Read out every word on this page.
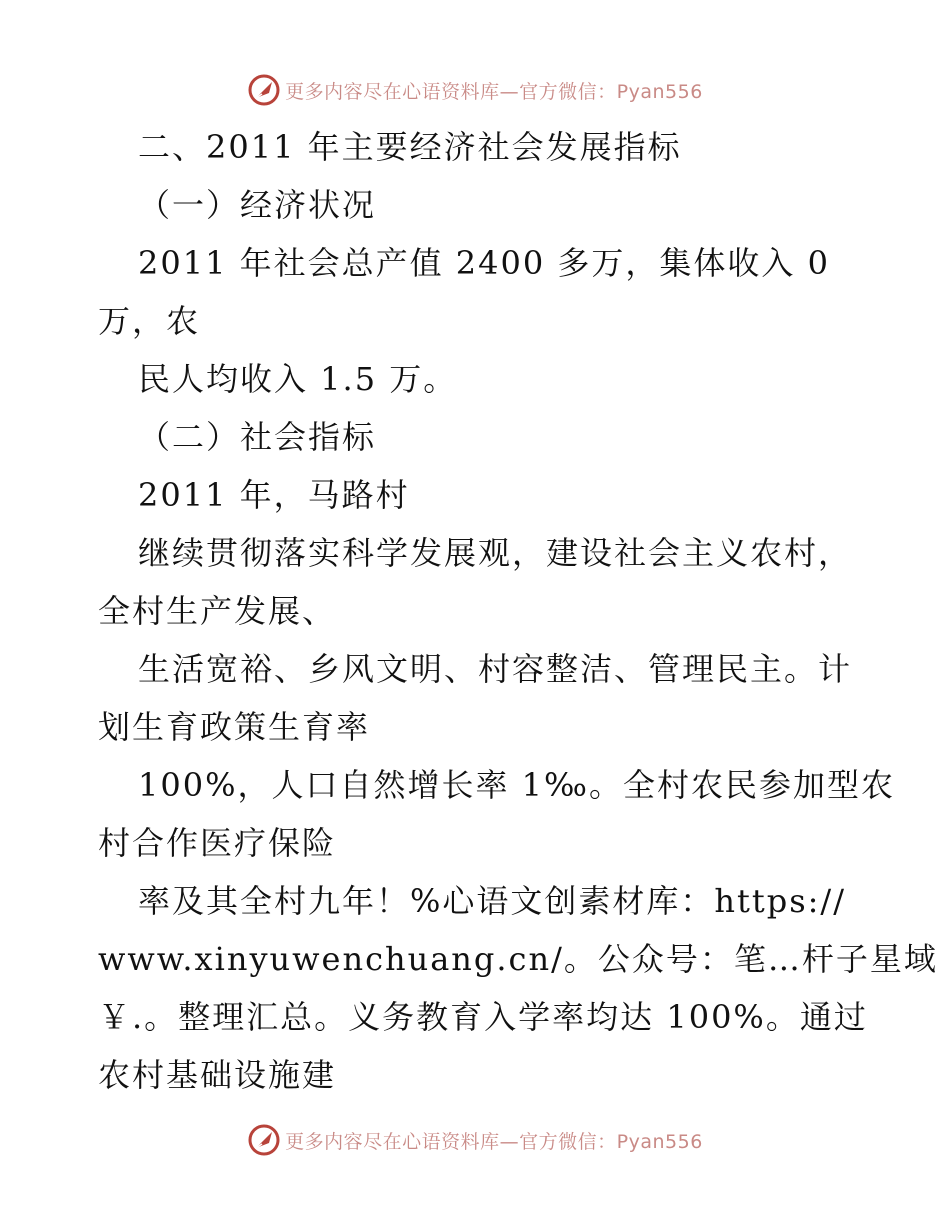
更多内容尽在心语资料库—官方微信：Pyan556
二、2011 年主要经济社会发展指标
（一）经济状况
2011 年社会总产值 2400 多万，集体收入 0
万，农
民人均收入 1.5 万。
（二）社会指标
2011 年，马路村
继续贯彻落实科学发展观，建设社会主义农村，
全村生产发展、
生活宽裕、乡风文明、村容整洁、管理民主。计
划生育政策生育率
100%，人口自然增长率 1‰。全村农民参加型农
村合作医疗保险
率及其全村九年！%心语文创素材库：https://
www.xinyuwenchuang.cn/。公众号：笔…杆子星域
￥.。整理汇总。义务教育入学率均达 100%。通过
农村基础设施建
更多内容尽在心语资料库—官方微信：Pyan556
